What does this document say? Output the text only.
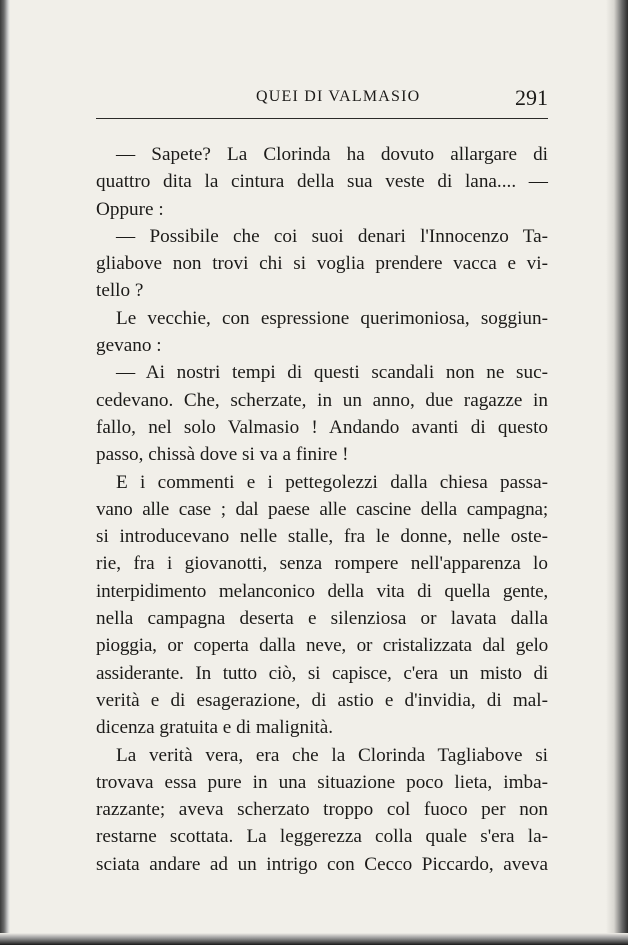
QUEI DI VALMASIO	291
— Sapete? La Clorinda ha dovuto allargare di
quattro dita la cintura della sua veste di lana.... —
Oppure :
— Possibile che coi suoi denari l'Innocenzo Ta-
gliabove non trovi chi si voglia prendere vacca e vi-
tello ?
Le vecchie, con espressione querimoniosa, soggiun-
gevano :
— Ai nostri tempi di questi scandali non ne suc-
cedevano. Che, scherzate, in un anno, due ragazze in
fallo, nel solo Valmasio ! Andando avanti di questo
passo, chissà dove si va a finire !
E i commenti e i pettegolezzi dalla chiesa passa-
vano alle case ; dal paese alle cascine della campagna;
si introducevano nelle stalle, fra le donne, nelle oste-
rie, fra i giovanotti, senza rompere nell'apparenza lo
interpidimento melanconico della vita di quella gente,
nella campagna deserta e silenziosa or lavata dalla
pioggia, or coperta dalla neve, or cristalizzata dal gelo
assiderante. In tutto ciò, si capisce, c'era un misto di
verità e di esagerazione, di astio e d'invidia, di mal-
dicenza gratuita e di malignità.
La verità vera, era che la Clorinda Tagliabove si
trovava essa pure in una situazione poco lieta, imba-
razzante; aveva scherzato troppo col fuoco per non
restarne scottata. La leggerezza colla quale s'era la-
sciata andare ad un intrigo con Cecco Piccardo, aveva
